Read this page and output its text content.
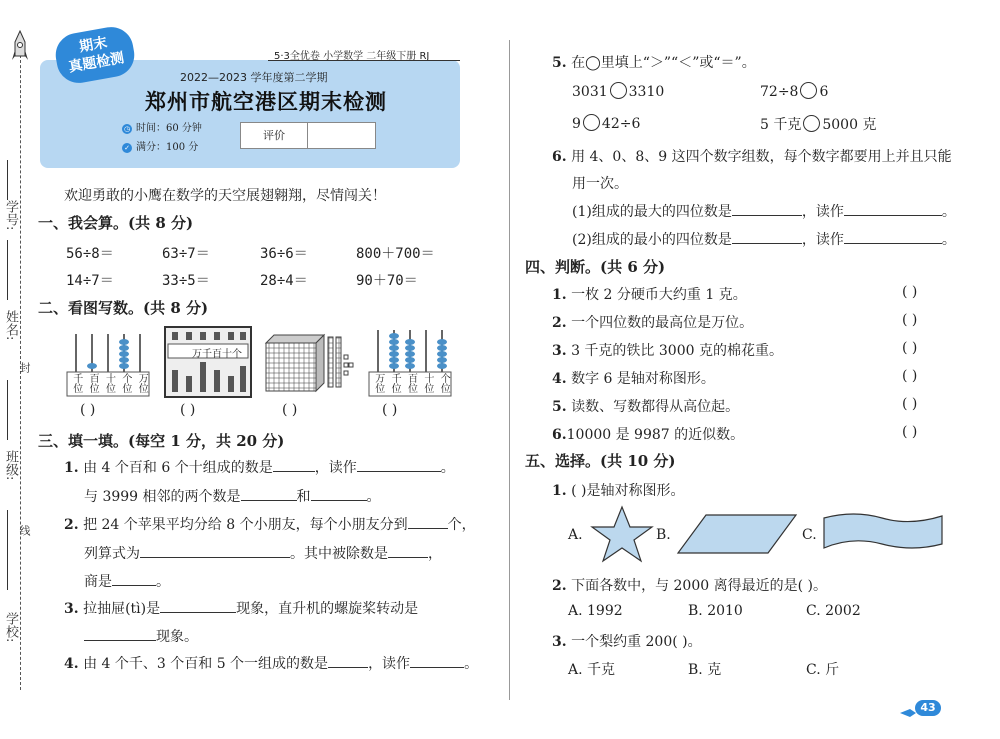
学号:
姓名:
封
班级:
线
学校:
期末
真题检测	5·3全优卷 小学数学 二年级下册 RJ
2022—2023 学年度第二学期
郑州市航空港区期末检测
◷ 时间：60 分钟
✓ 满分：100 分
评价
欢迎勇敢的小鹰在数学的天空展翅翱翔，尽情闯关！
一、我会算。(共 8 分)
56÷8＝	63÷7＝	36÷6＝	800＋700＝
14÷7＝	33÷5＝	28÷4＝	90＋70＝
二、看图写数。(共 8 分)
千位 百位 十位 个位 万位
( )
万千百十个
( )	( )
万位 千位 百位 十位 个位
( )
三、填一填。(每空 1 分，共 20 分)
1. 由 4 个百和 6 个十组成的数是	，读作	。
与 3999 相邻的两个数是	和	。
2. 把 24 个苹果平均分给 8 个小朋友，每个小朋友分到	个，
列算式为	。其中被除数是	，
商是	。
3. 拉抽屉(tì)是	现象，直升机的螺旋桨转动是
现象。
4. 由 4 个千、3 个百和 5 个一组成的数是	，读作	。
5. 在◯里填上“＞”“＜”或“＝”。
3031 3310	72÷8 6
9 42÷6	5 千克 5000 克
6. 用 4、0、8、9 这四个数字组数，每个数字都要用上并且只能
用一次。
(1)组成的最大的四位数是	，读作	。
(2)组成的最小的四位数是	，读作	。
四、判断。(共 6 分)
1. 一枚 2 分硬币大约重 1 克。	( )
2. 一个四位数的最高位是万位。	( )
3. 3 千克的铁比 3000 克的棉花重。	( )
4. 数字 6 是轴对称图形。	( )
5. 读数、写数都得从高位起。	( )
6.10000 是 9987 的近似数。	( )
五、选择。(共 10 分)
1. ( )是轴对称图形。
A.	B.	C.
2. 下面各数中，与 2000 离得最近的是( )。
A. 1992	B. 2010	C. 2002
3. 一个梨约重 200( )。
A. 千克	B. 克	C. 斤
43
